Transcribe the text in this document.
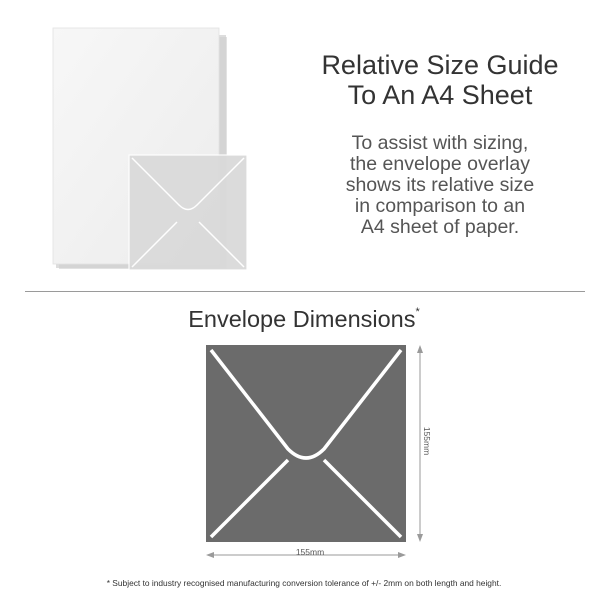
Relative Size Guide
To An A4 Sheet
To assist with sizing,
the envelope overlay
shows its relative size
in comparison to an
A4 sheet of paper.
Envelope Dimensions*
155mm
155mm
* Subject to industry recognised manufacturing conversion tolerance of +/- 2mm on both length and height.
